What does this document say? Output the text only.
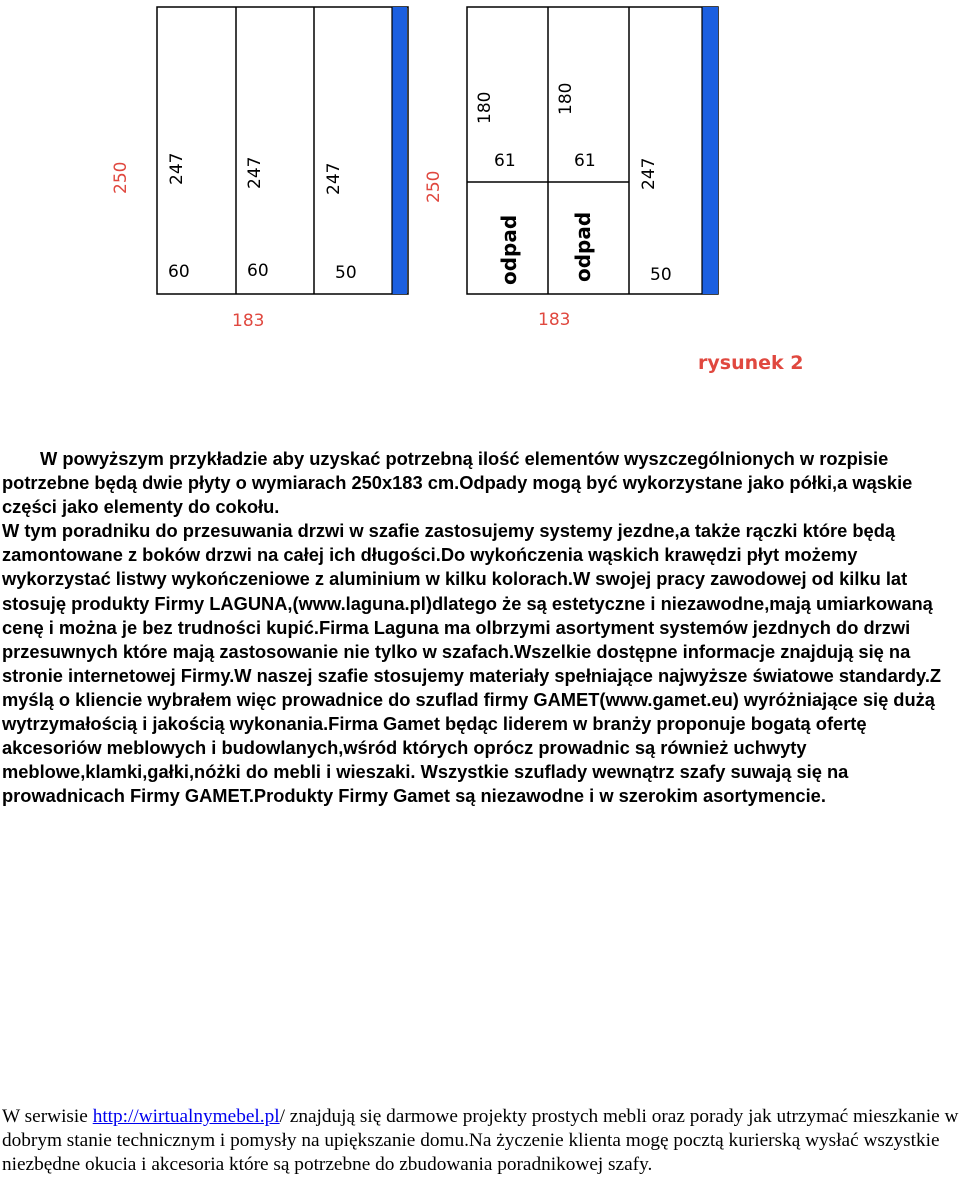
250 247	247	247
60	60	50
183
250
180	180
61	61
odpad	odpad
247
50
183
rysunek 2

W powyższym przykładzie aby uzyskać potrzebną ilość elementów wyszczególnionych w rozpisie potrzebne będą dwie płyty o wymiarach 250x183 cm.Odpady mogą być wykorzystane jako półki,a wąskie części jako elementy do cokołu.
W tym poradniku do przesuwania drzwi w szafie zastosujemy systemy jezdne,a także rączki które będą zamontowane z boków drzwi na całej ich długości.Do wykończenia wąskich krawędzi płyt możemy wykorzystać listwy wykończeniowe z aluminium w kilku kolorach.W swojej pracy zawodowej od kilku lat stosuję produkty Firmy LAGUNA,(www.laguna.pl)dlatego że są estetyczne i niezawodne,mają umiarkowaną cenę i można je bez trudności kupić.Firma Laguna ma olbrzymi asortyment systemów jezdnych do drzwi przesuwnych które mają zastosowanie nie tylko w szafach.Wszelkie dostępne informacje znajdują się na stronie internetowej Firmy.W naszej szafie stosujemy materiały spełniające najwyższe światowe standardy.Z myślą o kliencie wybrałem więc prowadnice do szuflad firmy GAMET(www.gamet.eu) wyróżniające się dużą wytrzymałością i jakością wykonania.Firma Gamet będąc liderem w branży proponuje bogatą ofertę akcesoriów meblowych i budowlanych,wśród których oprócz prowadnic są również uchwyty meblowe,klamki,gałki,nóżki do mebli i wieszaki. Wszystkie szuflady wewnątrz szafy suwają się na prowadnicach Firmy GAMET.Produkty Firmy Gamet są niezawodne i w szerokim asortymencie.

W serwisie http://wirtualnymebel.pl/ znajdują się darmowe projekty prostych mebli oraz porady jak utrzymać mieszkanie w dobrym stanie technicznym i pomysły na upiększanie domu.Na życzenie klienta mogę pocztą kurierską wysłać wszystkie niezbędne okucia i akcesoria które są potrzebne do zbudowania poradnikowej szafy.
